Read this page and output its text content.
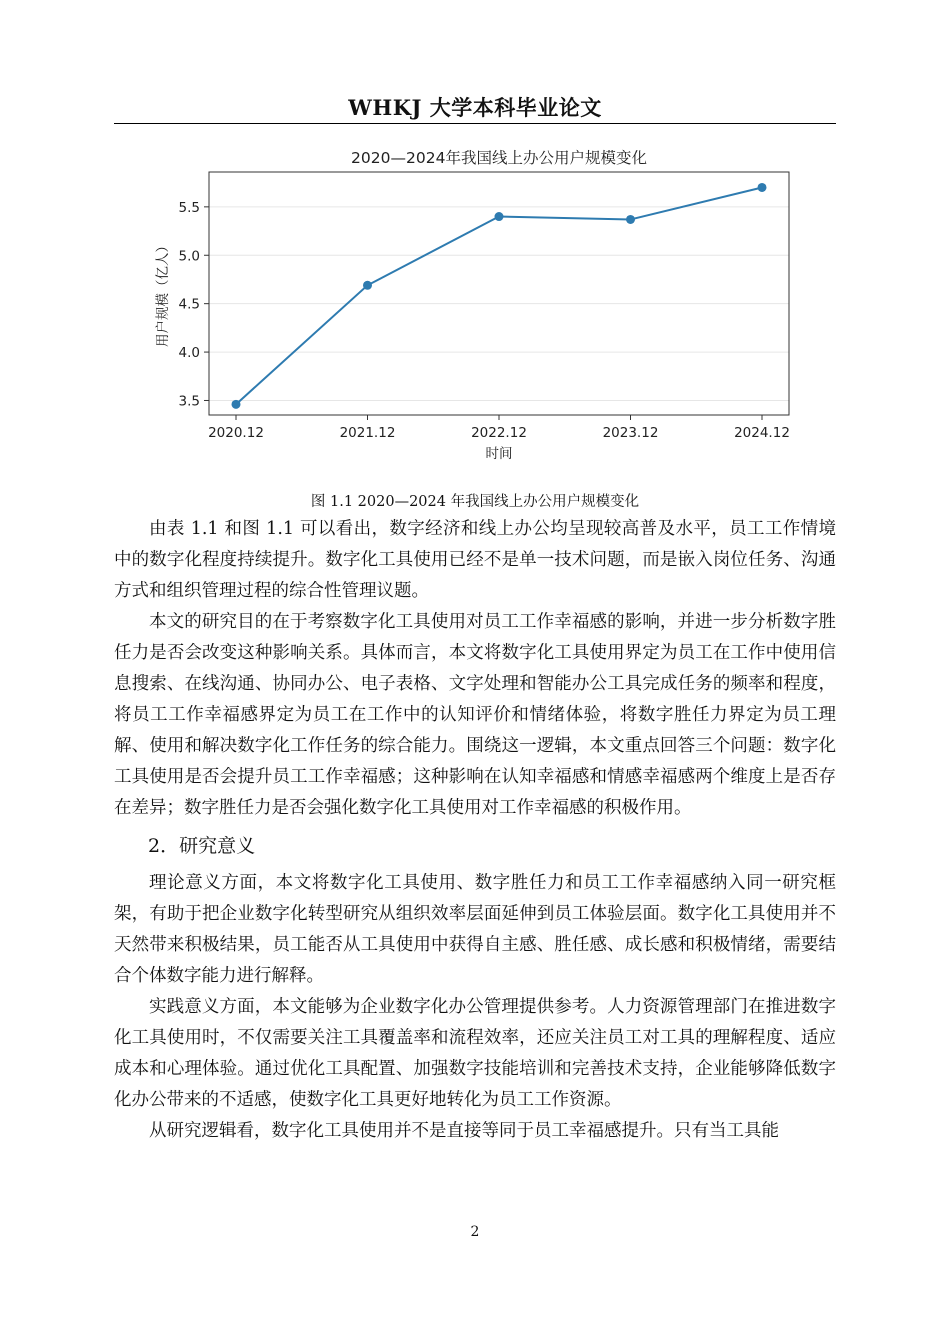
WHKJ 大学本科毕业论文
2020—2024年我国线上办公用户规模变化
3.5
4.0
4.5
5.0
5.5
2020.12	2021.12	2022.12	2023.12	2024.12
时间
用户规模（亿人）
图 1.1 2020—2024 年我国线上办公用户规模变化

由表 1.1 和图 1.1 可以看出，数字经济和线上办公均呈现较高普及水平，员工工作情境中的数字化程度持续提升。数字化工具使用已经不是单一技术问题，而是嵌入岗位任务、沟通方式和组织管理过程的综合性管理议题。

本文的研究目的在于考察数字化工具使用对员工工作幸福感的影响，并进一步分析数字胜任力是否会改变这种影响关系。具体而言，本文将数字化工具使用界定为员工在工作中使用信息搜索、在线沟通、协同办公、电子表格、文字处理和智能办公工具完成任务的频率和程度，将员工工作幸福感界定为员工在工作中的认知评价和情绪体验，将数字胜任力界定为员工理解、使用和解决数字化工作任务的综合能力。围绕这一逻辑，本文重点回答三个问题：数字化工具使用是否会提升员工工作幸福感；这种影响在认知幸福感和情感幸福感两个维度上是否存在差异；数字胜任力是否会强化数字化工具使用对工作幸福感的积极作用。

2．研究意义

理论意义方面，本文将数字化工具使用、数字胜任力和员工工作幸福感纳入同一研究框架，有助于把企业数字化转型研究从组织效率层面延伸到员工体验层面。数字化工具使用并不天然带来积极结果，员工能否从工具使用中获得自主感、胜任感、成长感和积极情绪，需要结合个体数字能力进行解释。

实践意义方面，本文能够为企业数字化办公管理提供参考。人力资源管理部门在推进数字化工具使用时，不仅需要关注工具覆盖率和流程效率，还应关注员工对工具的理解程度、适应成本和心理体验。通过优化工具配置、加强数字技能培训和完善技术支持，企业能够降低数字化办公带来的不适感，使数字化工具更好地转化为员工工作资源。

从研究逻辑看，数字化工具使用并不是直接等同于员工幸福感提升。只有当工具能

2
